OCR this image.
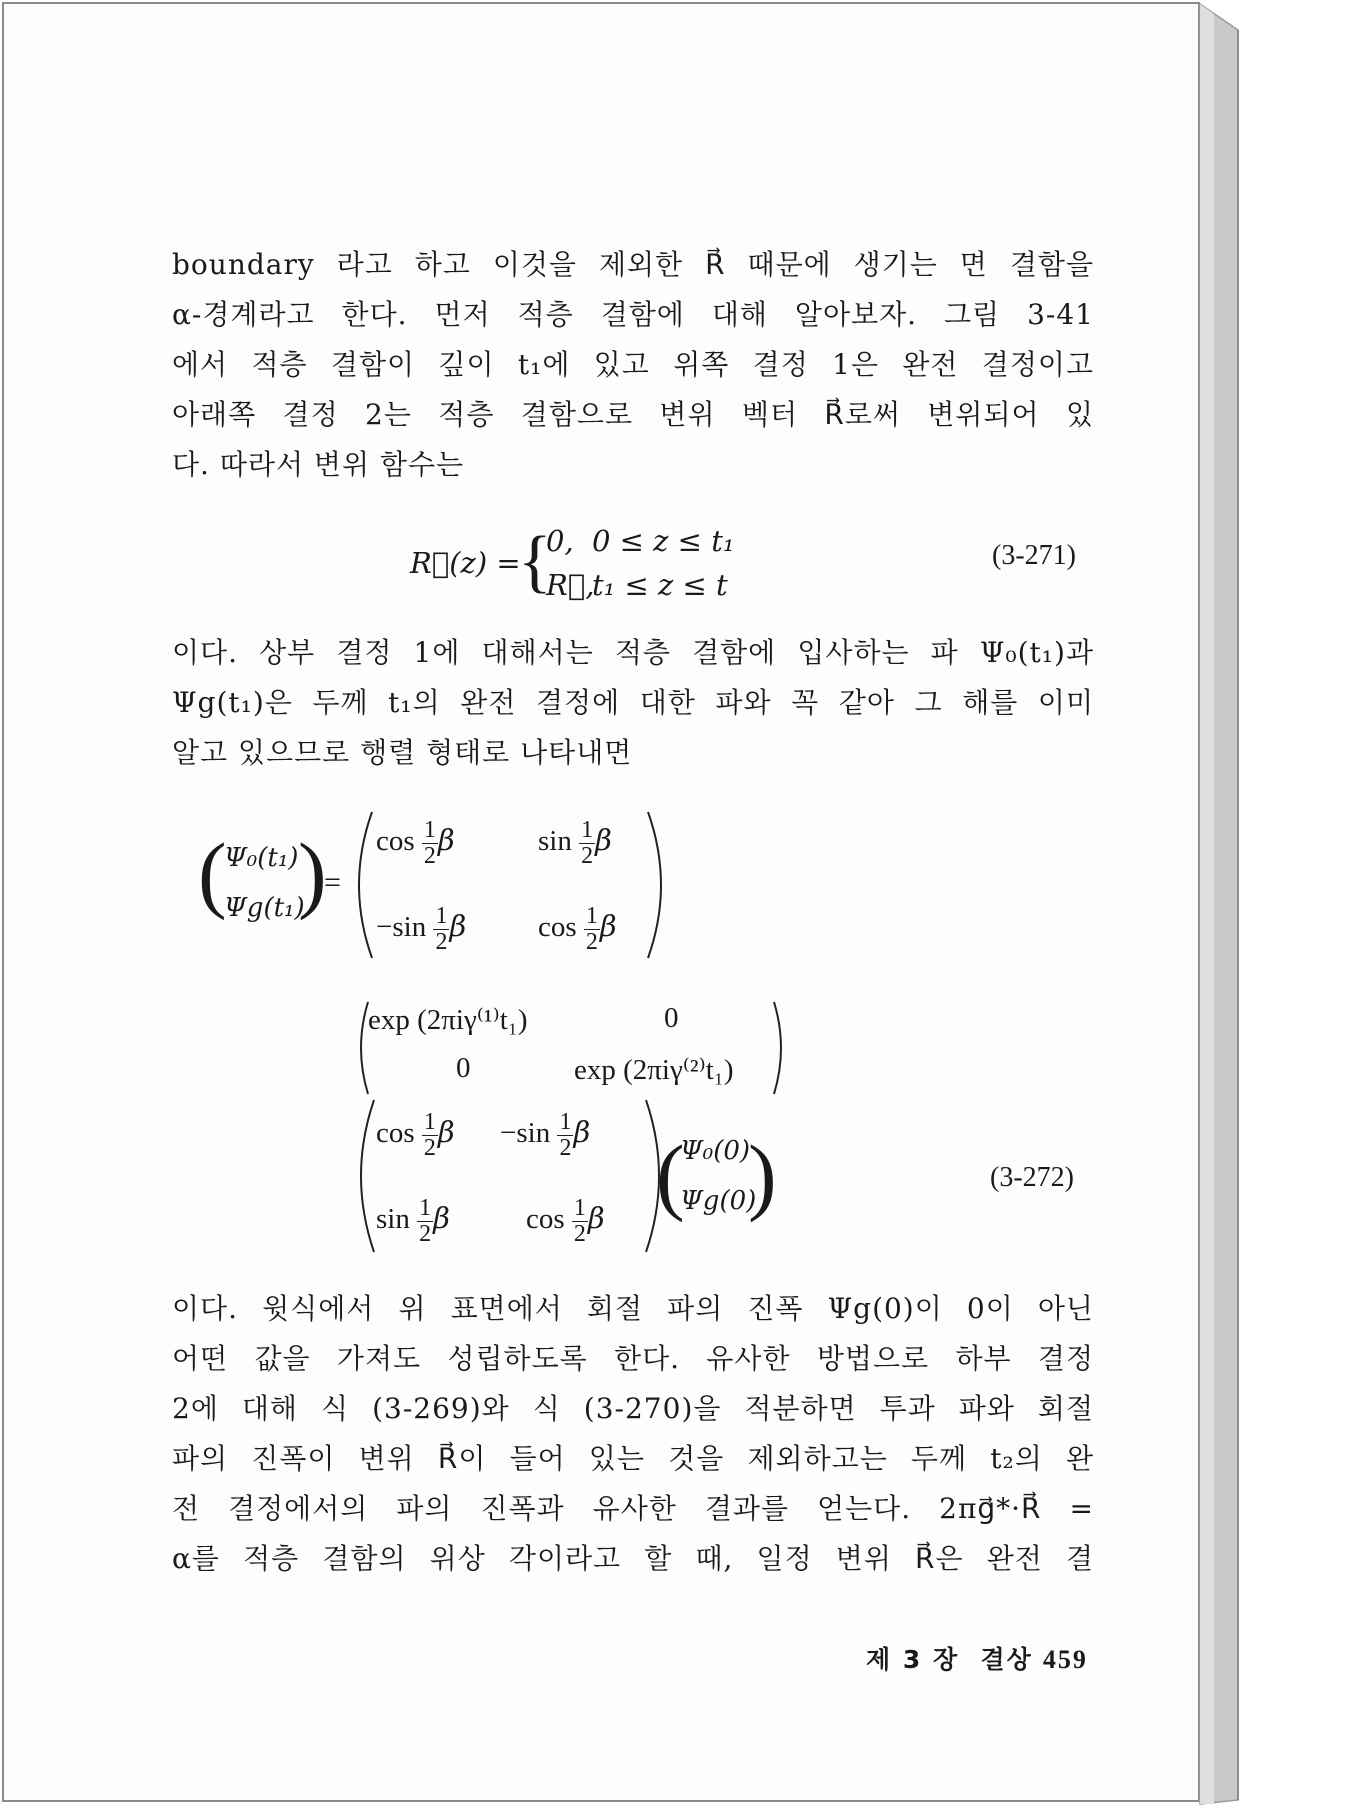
boundary 라고 하고 이것을 제외한 R⃗ 때문에 생기는 면 결함을

α-경계라고 한다. 먼저 적층 결함에 대해 알아보자. 그림 3-41

에서 적층 결함이 깊이 t₁에 있고 위쪽 결정 1은 완전 결정이고

아래쪽 결정 2는 적층 결함으로 변위 벡터 R⃗로써 변위되어 있

다. 따라서 변위 함수는

R⃗(z) =
{
0, 0 ≤ z ≤ t₁
R⃗,
t₁ ≤ z ≤ t
(3-271)

이다. 상부 결정 1에 대해서는 적층 결함에 입사하는 파 Ψ₀(t₁)과

Ψg(t₁)은 두께 t₁의 완전 결정에 대한 파와 꼭 같아 그 해를 이미

알고 있으므로 행렬 형태로 나타내면

(
Ψ₀(t₁)
Ψg(t₁)
)
=
$\cos \frac{1}{2}$ β	$\sin \frac{1}{2}$ β
$-\sin \frac{1}{2}$ β $\cos \frac{1}{2}$ β
exp (2πiγ⁽¹⁾t₁)	0
0	exp (2πiγ⁽²⁾t₁)
$\cos \frac{1}{2}$ $\beta -\sin \frac{1}{2}$ β
$\sin \frac{1}{2}$ β	$\cos \frac{1}{2}$ β (
Ψ₀(0)
Ψg(0)
)	(3-272)

이다. 윗식에서 위 표면에서 회절 파의 진폭 Ψg(0)이 0이 아닌

어떤 값을 가져도 성립하도록 한다. 유사한 방법으로 하부 결정

2에 대해 식 (3-269)와 식 (3-270)을 적분하면 투과 파와 회절

파의 진폭이 변위 R⃗이 들어 있는 것을 제외하고는 두께 t₂의 완

전 결정에서의 파의 진폭과 유사한 결과를 얻는다. 2πg⃗*·R⃗ =

α를 적층 결함의 위상 각이라고 할 때, 일정 변위 R⃗은 완전 결

제 3 장  결상 459
